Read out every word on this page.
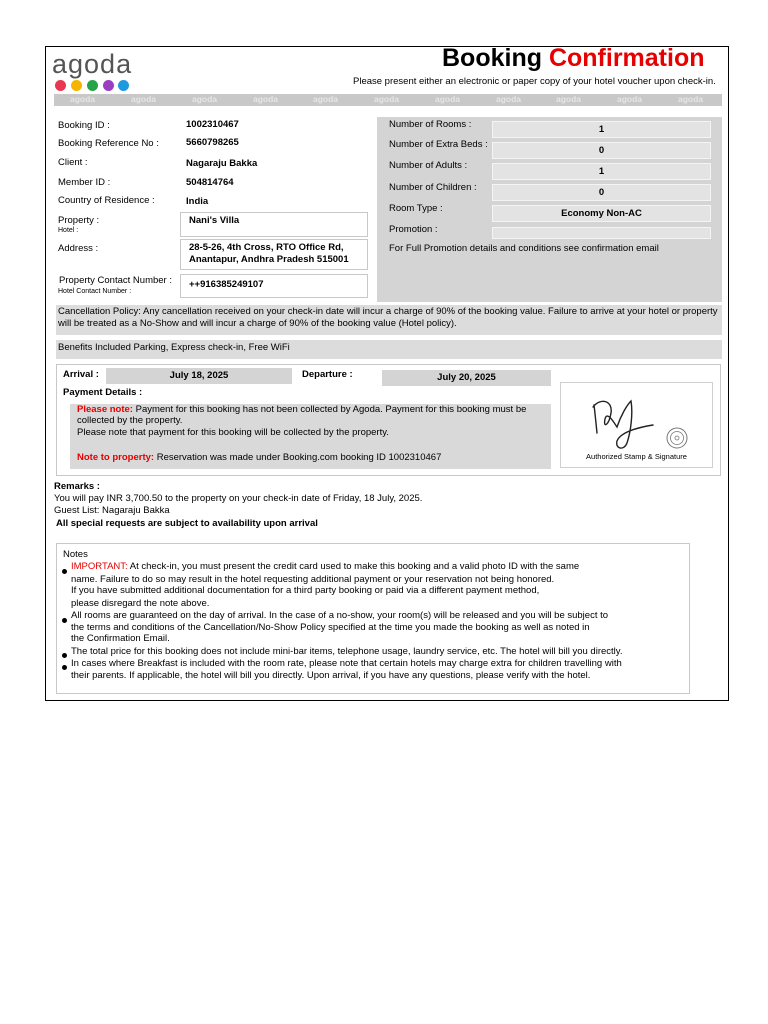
agoda	Booking Confirmation
Please present either an electronic or paper copy of your hotel voucher upon check-in.
agoda	agoda	agoda	agoda	agoda	agoda	agoda	agoda	agoda	agoda	agoda
Booking ID :	1002310467
Booking Reference No :	5660798265
Client :	Nagaraju Bakka
Member ID :	504814764
Country of Residence :	India
Property :
Hotel :
Nani's Villa
Address :	28-5-26, 4th Cross, RTO Office Rd,
Anantapur, Andhra Pradesh 515001
Property Contact Number :
Hotel Contact Number :
++916385249107
Number of Rooms :	1
Number of Extra Beds :
0
Number of Adults :
1
Number of Children :	0
Room Type :	Economy Non-AC
Promotion :
For Full Promotion details and conditions see confirmation email
Cancellation Policy: Any cancellation received on your check-in date will incur a charge of 90% of the booking value. Failure to arrive at your hotel or property
will be treated as a No-Show and will incur a charge of 90% of the booking value (Hotel policy).
Benefits Included Parking, Express check-in, Free WiFi
Arrival :	July 18, 2025	Departure :	July 20, 2025
Payment Details :
Please note: Payment for this booking has not been collected by Agoda. Payment for this booking must be
collected by the property.
Please note that payment for this booking will be collected by the property.
Note to property: Reservation was made under Booking.com booking ID 1002310467	Authorized Stamp & Signature
Remarks :
You will pay INR 3,700.50 to the property on your check-in date of Friday, 18 July, 2025.
Guest List: Nagaraju Bakka
All special requests are subject to availability upon arrival
Notes
IMPORTANT: At check-in, you must present the credit card used to make this booking and a valid photo ID with the same
name. Failure to do so may result in the hotel requesting additional payment or your reservation not being honored.
If you have submitted additional documentation for a third party booking or paid via a different payment method,
please disregard the note above.
All rooms are guaranteed on the day of arrival. In the case of a no-show, your room(s) will be released and you will be subject to
the terms and conditions of the Cancellation/No-Show Policy specified at the time you made the booking as well as noted in
the Confirmation Email.
The total price for this booking does not include mini-bar items, telephone usage, laundry service, etc. The hotel will bill you directly.
In cases where Breakfast is included with the room rate, please note that certain hotels may charge extra for children travelling with
their parents. If applicable, the hotel will bill you directly. Upon arrival, if you have any questions, please verify with the hotel.
